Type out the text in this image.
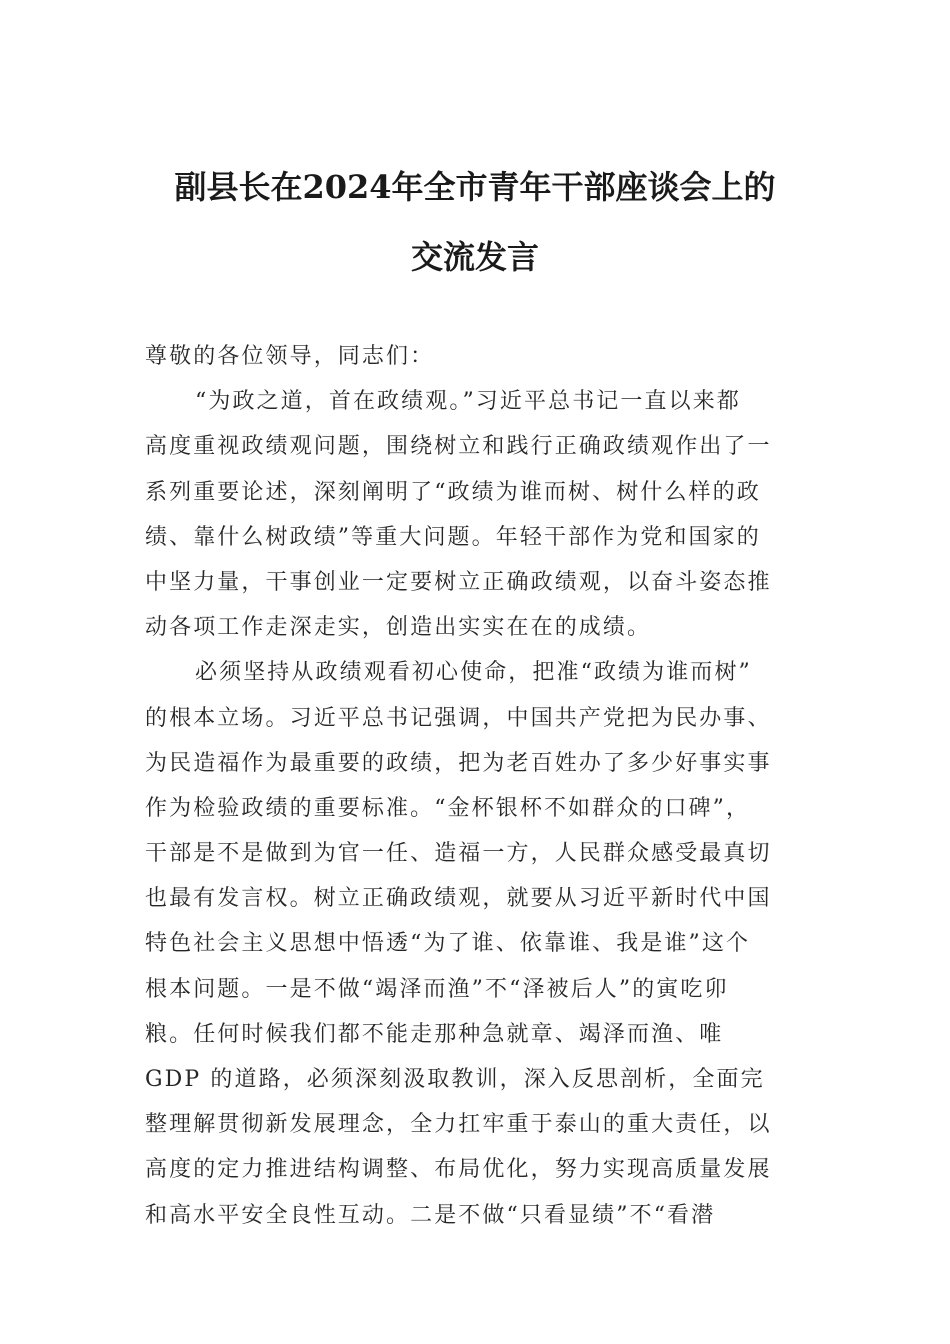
副县长在2024年全市青年干部座谈会上的
交流发言
尊敬的各位领导，同志们：
“为政之道，首在政绩观。”习近平总书记一直以来都
高度重视政绩观问题，围绕树立和践行正确政绩观作出了一
系列重要论述，深刻阐明了“政绩为谁而树、树什么样的政
绩、靠什么树政绩”等重大问题。年轻干部作为党和国家的
中坚力量，干事创业一定要树立正确政绩观，以奋斗姿态推
动各项工作走深走实，创造出实实在在的成绩。
必须坚持从政绩观看初心使命，把准“政绩为谁而树”
的根本立场。习近平总书记强调，中国共产党把为民办事、
为民造福作为最重要的政绩，把为老百姓办了多少好事实事
作为检验政绩的重要标准。“金杯银杯不如群众的口碑”，
干部是不是做到为官一任、造福一方，人民群众感受最真切
也最有发言权。树立正确政绩观，就要从习近平新时代中国
特色社会主义思想中悟透“为了谁、依靠谁、我是谁”这个
根本问题。一是不做“竭泽而渔”不“泽被后人”的寅吃卯
粮。任何时候我们都不能走那种急就章、竭泽而渔、唯
GDP 的道路，必须深刻汲取教训，深入反思剖析，全面完
整理解贯彻新发展理念，全力扛牢重于泰山的重大责任，以
高度的定力推进结构调整、布局优化，努力实现高质量发展
和高水平安全良性互动。二是不做“只看显绩”不“看潜
